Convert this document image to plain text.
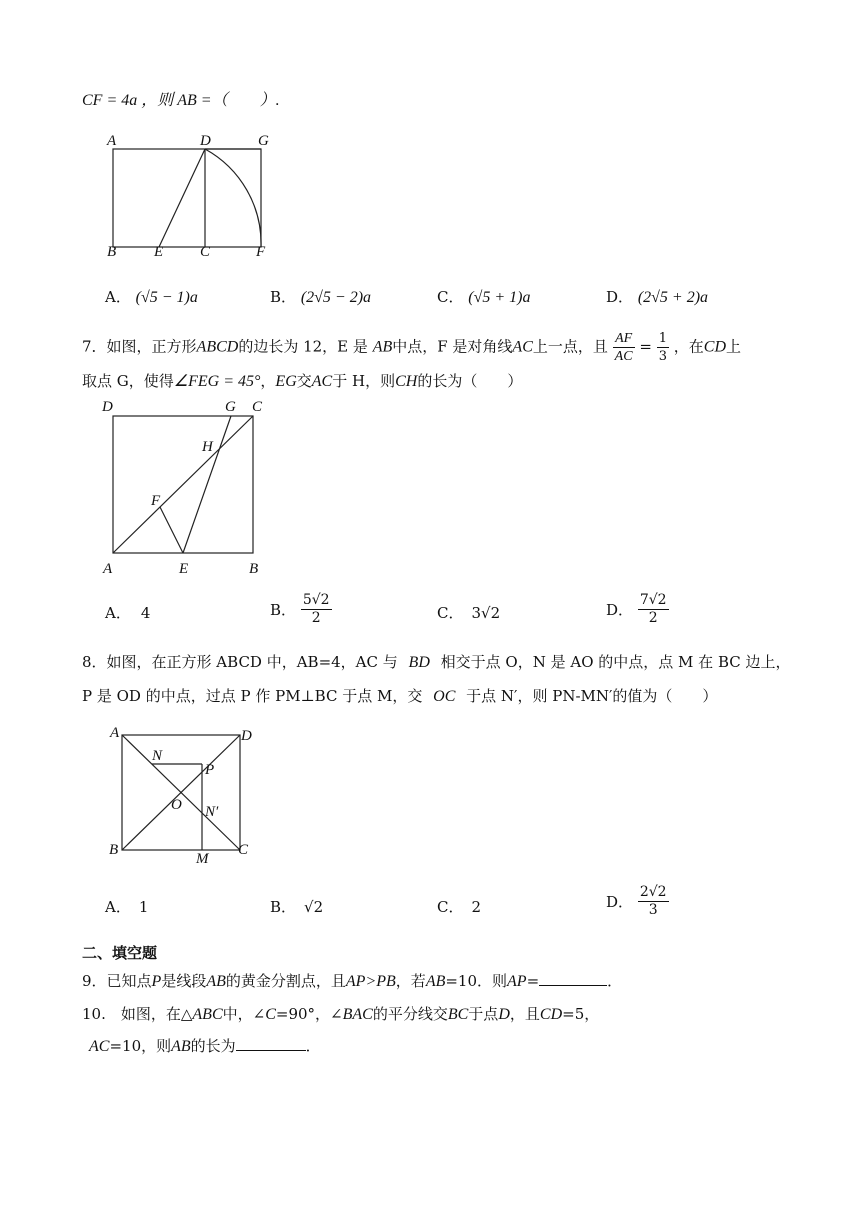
CF = 4a ，则 AB =（　　）.
A	D	G
B	E C	F
A． (√5 − 1)a	B． (2√5 − 2)a	C． (√5 + 1)a	D． (2√5 + 2)a
7．如图，正方形ABCD的边长为 12，E 是 AB中点，F 是对角线AC上一点，且 $\frac{AF}{AC} = \frac{1}{3}$ ，在CD上
取点 G，使得∠FEG = 45°，EG交AC于 H，则CH的长为（　　）
D	G C
H
F
A	E	B
A． 4	B． $\frac{5√2}{2}$	C． 3√2	D． $\frac{7√2}{2}$
8．如图，在正方形 ABCD 中，AB=4，AC 与 BD 相交于点 O，N 是 AO 的中点，点 M 在 BC 边上，
P 是 OD 的中点，过点 P 作 PM⊥BC 于点 M，交 OC 于点 N′，则 PN-MN′的值为（　　）
A	D
N
P
O N′
B
M
C
A． 1	B． √2	C． 2	D． $\frac{2√2}{3}$
二、填空题
9．已知点P是线段AB的黄金分割点，且AP>PB，若AB=10．则AP=	．
10.　如图，在△ABC中，∠C=90°，∠BAC的平分线交BC于点D，且CD=5，
AC=10，则AB的长为	．
